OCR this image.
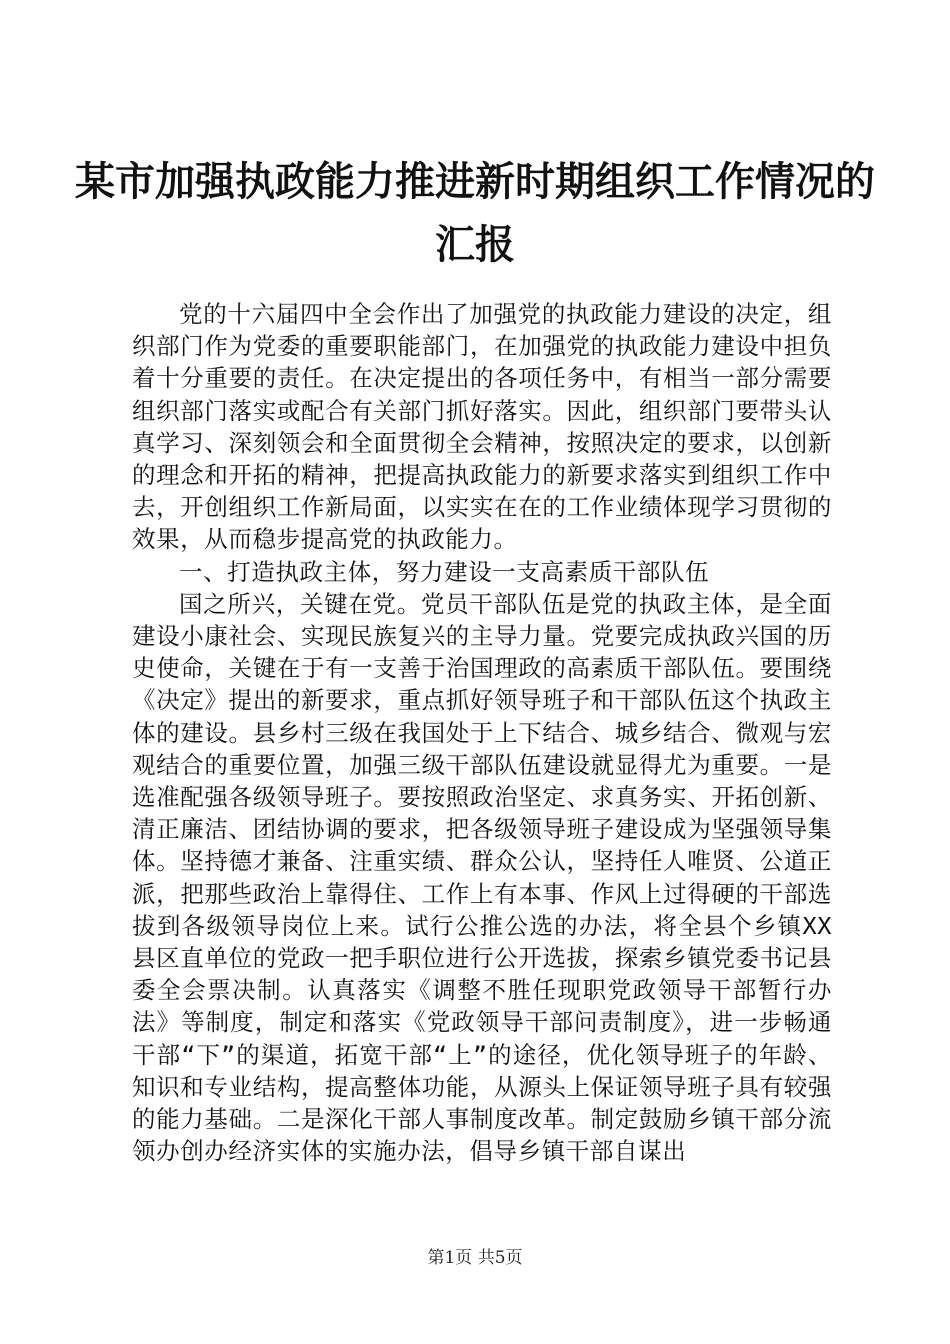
某市加强执政能力推进新时期组织工作情况的
汇报

党的十六届四中全会作出了加强党的执政能力建设的决定，组织部门作为党委的重要职能部门，在加强党的执政能力建设中担负着十分重要的责任。在决定提出的各项任务中，有相当一部分需要组织部门落实或配合有关部门抓好落实。因此，组织部门要带头认真学习、深刻领会和全面贯彻全会精神，按照决定的要求，以创新的理念和开拓的精神，把提高执政能力的新要求落实到组织工作中去，开创组织工作新局面，以实实在在的工作业绩体现学习贯彻的效果，从而稳步提高党的执政能力。

一、打造执政主体，努力建设一支高素质干部队伍

国之所兴，关键在党。党员干部队伍是党的执政主体，是全面建设小康社会、实现民族复兴的主导力量。党要完成执政兴国的历史使命，关键在于有一支善于治国理政的高素质干部队伍。要围绕《决定》提出的新要求，重点抓好领导班子和干部队伍这个执政主体的建设。县乡村三级在我国处于上下结合、城乡结合、微观与宏观结合的重要位置，加强三级干部队伍建设就显得尤为重要。一是选准配强各级领导班子。要按照政治坚定、求真务实、开拓创新、清正廉洁、团结协调的要求，把各级领导班子建设成为坚强领导集体。坚持德才兼备、注重实绩、群众公认，坚持任人唯贤、公道正派，把那些政治上靠得住、工作上有本事、作风上过得硬的干部选拔到各级领导岗位上来。试行公推公选的办法，将全县个乡镇XX县区直单位的党政一把手职位进行公开选拔，探索乡镇党委书记县委全会票决制。认真落实《调整不胜任现职党政领导干部暂行办法》等制度，制定和落实《党政领导干部问责制度》，进一步畅通干部“下”的渠道，拓宽干部“上”的途径，优化领导班子的年龄、知识和专业结构，提高整体功能，从源头上保证领导班子具有较强的能力基础。二是深化干部人事制度改革。制定鼓励乡镇干部分流领办创办经济实体的实施办法，倡导乡镇干部自谋出

第1页 共5页
